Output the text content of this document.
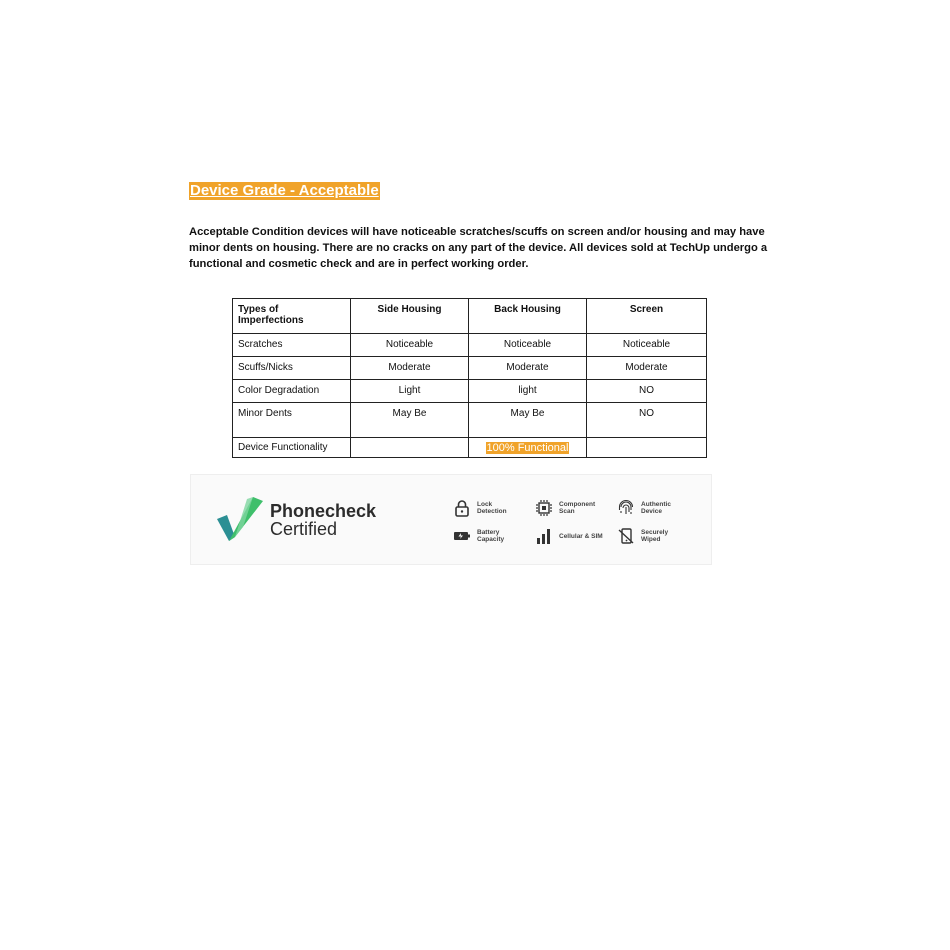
Device Grade - Acceptable
Acceptable Condition devices will have noticeable scratches/scuffs on screen and/or housing and may have minor dents on housing. There are no cracks on any part of the device. All devices sold at TechUp undergo a functional and cosmetic check and are in perfect working order.
Types of Imperfections	Side Housing	Back Housing	Screen
Scratches	Noticeable	Noticeable	Noticeable
Scuffs/Nicks	Moderate	Moderate	Moderate
Color Degradation	Light	light	NO
Minor Dents	May Be	May Be	NO
Device Functionality		100% Functional	
Phonecheck
Certified
Lock Detection
Component Scan
Authentic Device
Battery Capacity	Cellular & SIM	Securely Wiped
